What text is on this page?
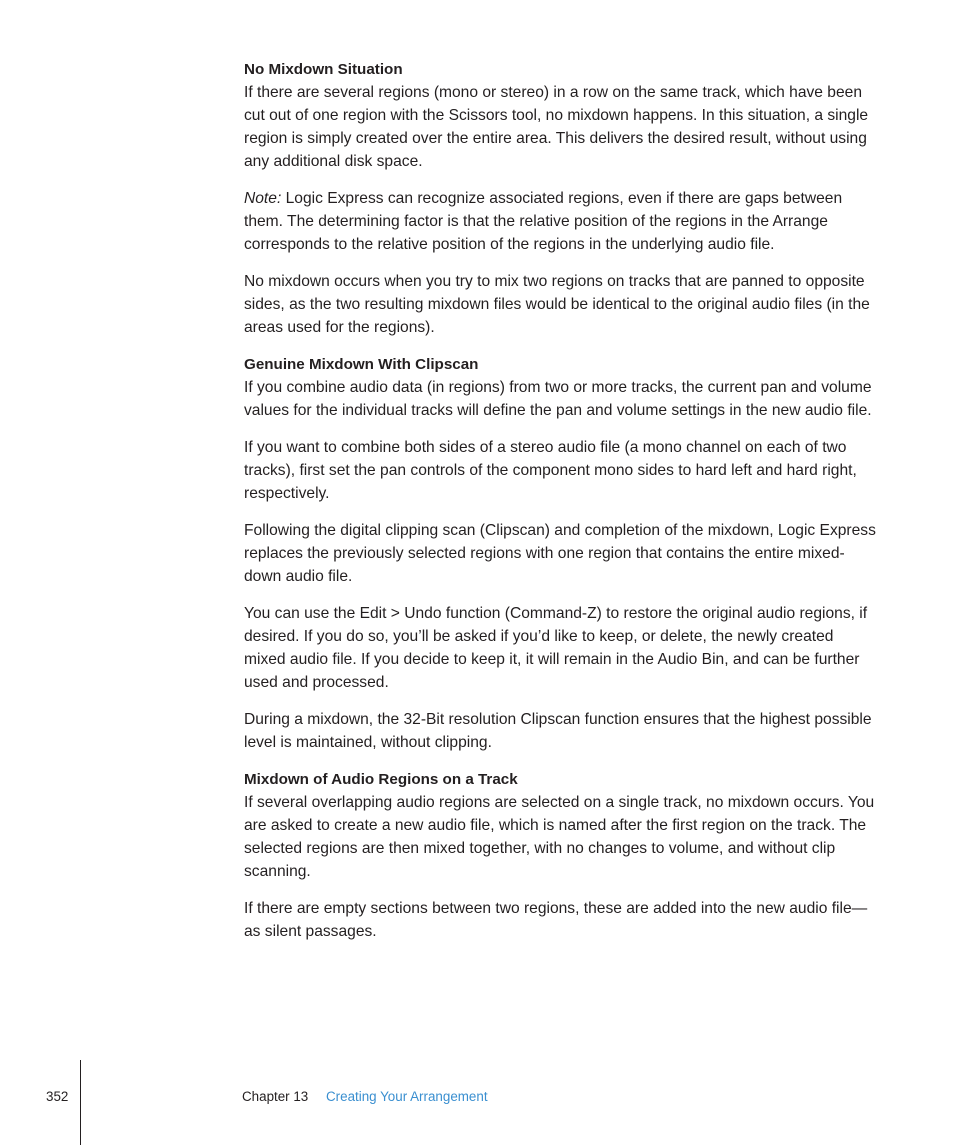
No Mixdown Situation

If there are several regions (mono or stereo) in a row on the same track, which have been cut out of one region with the Scissors tool, no mixdown happens. In this situation, a single region is simply created over the entire area. This delivers the desired result, without using any additional disk space.

Note: Logic Express can recognize associated regions, even if there are gaps between them. The determining factor is that the relative position of the regions in the Arrange corresponds to the relative position of the regions in the underlying audio file.

No mixdown occurs when you try to mix two regions on tracks that are panned to opposite sides, as the two resulting mixdown files would be identical to the original audio files (in the areas used for the regions).

Genuine Mixdown With Clipscan

If you combine audio data (in regions) from two or more tracks, the current pan and volume values for the individual tracks will define the pan and volume settings in the new audio file.

If you want to combine both sides of a stereo audio file (a mono channel on each of two tracks), first set the pan controls of the component mono sides to hard left and hard right, respectively.

Following the digital clipping scan (Clipscan) and completion of the mixdown, Logic Express replaces the previously selected regions with one region that contains the entire mixed-down audio file.

You can use the Edit > Undo function (Command-Z) to restore the original audio regions, if desired. If you do so, you’ll be asked if you’d like to keep, or delete, the newly created mixed audio file. If you decide to keep it, it will remain in the Audio Bin, and can be further used and processed.

During a mixdown, the 32-Bit resolution Clipscan function ensures that the highest possible level is maintained, without clipping.

Mixdown of Audio Regions on a Track

If several overlapping audio regions are selected on a single track, no mixdown occurs. You are asked to create a new audio file, which is named after the first region on the track. The selected regions are then mixed together, with no changes to volume, and without clip scanning.

If there are empty sections between two regions, these are added into the new audio file—as silent passages.

352	Chapter 13 Creating Your Arrangement
